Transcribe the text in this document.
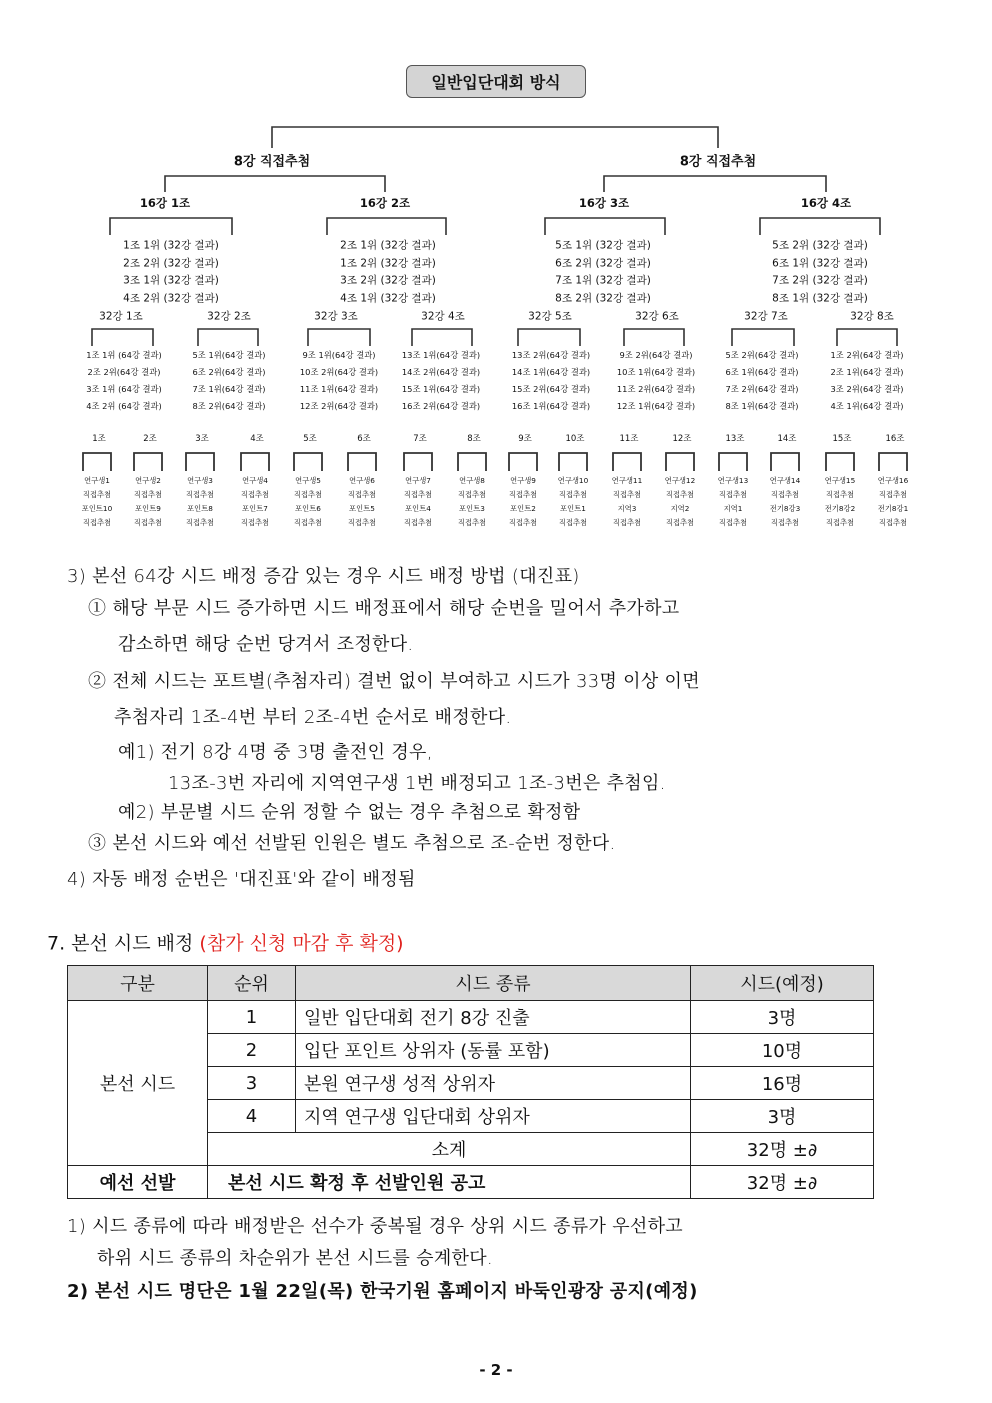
일반입단대회 방식
8강 직접추첨	8강 직접추첨
16강 1조
1조 1위 (32강 결과)
2조 2위 (32강 결과)
3조 1위 (32강 결과)
4조 2위 (32강 결과)
16강 2조
2조 1위 (32강 결과)
1조 2위 (32강 결과)
3조 2위 (32강 결과)
4조 1위 (32강 결과)
16강 3조
5조 1위 (32강 결과)
6조 2위 (32강 결과)
7조 1위 (32강 결과)
8조 2위 (32강 결과)
16강 4조
5조 2위 (32강 결과)
6조 1위 (32강 결과)
7조 2위 (32강 결과)
8조 1위 (32강 결과)
32강 1조
1조 1위 (64강 결과)
2조 2위(64강 결과)
3조 1위 (64강 결과)
4조 2위 (64강 결과)
32강 2조
5조 1위(64강 결과)
6조 2위(64강 결과)
7조 1위(64강 결과)
8조 2위(64강 결과)
32강 3조
9조 1위(64강 결과)
10조 2위(64강 결과)
11조 1위(64강 결과)
12조 2위(64강 결과)
32강 4조
13조 1위(64강 결과)
14조 2위(64강 결과)
15조 1위(64강 결과)
16조 2위(64강 결과)
32강 5조
13조 2위(64강 결과)
14조 1위(64강 결과)
15조 2위(64강 결과)
16조 1위(64강 결과)
32강 6조
9조 2위(64강 결과)
10조 1위(64강 결과)
11조 2위(64강 결과)
12조 1위(64강 결과)
32강 7조
5조 2위(64강 결과)
6조 1위(64강 결과)
7조 2위(64강 결과)
8조 1위(64강 결과)
32강 8조
1조 2위(64강 결과)
2조 1위(64강 결과)
3조 2위(64강 결과)
4조 1위(64강 결과)
1조
연구생1
직접추첨
포인트10
직접추첨
2조
연구생2
직접추첨
포인트9
직접추첨
3조
연구생3
직접추첨
포인트8
직접추첨
4조
연구생4
직접추첨
포인트7
직접추첨
5조
연구생5
직접추첨
포인트6
직접추첨
6조
연구생6
직접추첨
포인트5
직접추첨
7조
연구생7
직접추첨
포인트4
직접추첨
8조
연구생8
직접추첨
포인트3
직접추첨
9조
연구생9
직접추첨
포인트2
직접추첨
10조
연구생10
직접추첨
포인트1
직접추첨
11조
연구생11
직접추첨
지역3
직접추첨
12조
연구생12
직접추첨
지역2
직접추첨
13조
연구생13
직접추첨
지역1
직접추첨
14조
연구생14
직접추첨
전기8강3
직접추첨
15조
연구생15
직접추첨
전기8강2
직접추첨
16조
연구생16
직접추첨
전기8강1
직접추첨
3) 본선 64강 시드 배정 증감 있는 경우 시드 배정 방법 (대진표)
① 해당 부문 시드 증가하면 시드 배정표에서 해당 순번을 밀어서 추가하고
감소하면 해당 순번 당겨서 조정한다.
② 전체 시드는 포트별(추첨자리) 결번 없이 부여하고 시드가 33명 이상 이면
추첨자리 1조-4번 부터 2조-4번 순서로 배정한다.
예1) 전기 8강 4명 중 3명 출전인 경우,
13조-3번 자리에 지역연구생 1번 배정되고 1조-3번은 추첨임.
예2) 부문별 시드 순위 정할 수 없는 경우 추첨으로 확정함
③ 본선 시드와 예선 선발된 인원은 별도 추첨으로 조-순번 정한다.
4) 자동 배정 순번은 '대진표'와 같이 배정됨
7. 본선 시드 배정 (참가 신청 마감 후 확정)
구분	순위	시드 종류	시드(예정)
본선 시드	1	일반 입단대회 전기 8강 진출	3명
	2	입단 포인트 상위자 (동률 포함)	10명
	3	본원 연구생 성적 상위자	16명
	4	지역 연구생 입단대회 상위자	3명
	소계		32명 ±∂
예선 선발	본선 시드 확정 후 선발인원 공고		32명 ±∂
1) 시드 종류에 따라 배정받은 선수가 중복될 경우 상위 시드 종류가 우선하고
하위 시드 종류의 차순위가 본선 시드를 승계한다.
2) 본선 시드 명단은 1월 22일(목) 한국기원 홈페이지 바둑인광장 공지(예정)
- 2 -
